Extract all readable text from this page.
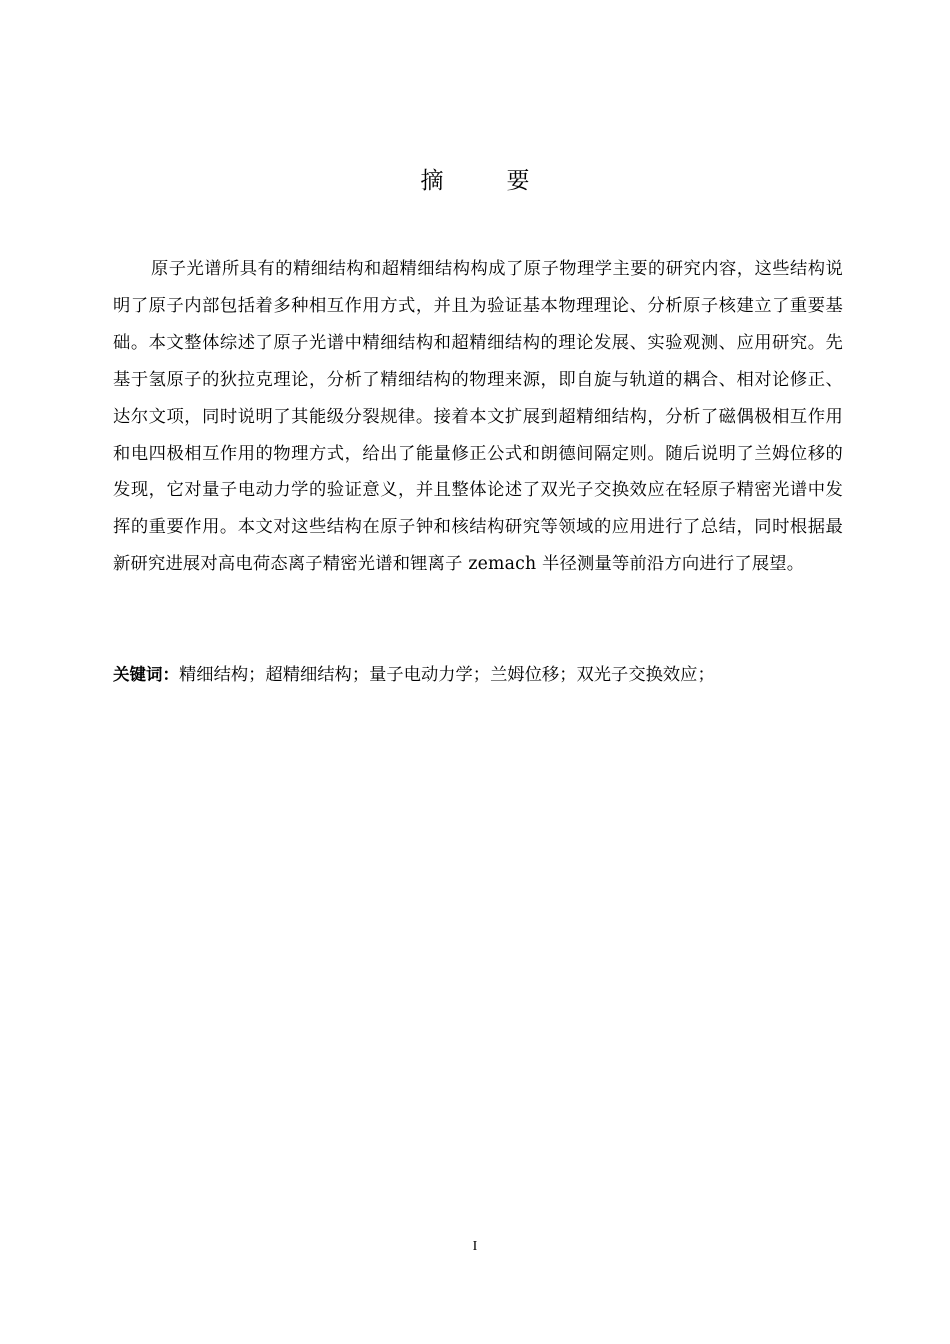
摘　要

原子光谱所具有的精细结构和超精细结构构成了原子物理学主要的研究内容，这些结构说明了原子内部包括着多种相互作用方式，并且为验证基本物理理论、分析原子核建立了重要基础。本文整体综述了原子光谱中精细结构和超精细结构的理论发展、实验观测、应用研究。先基于氢原子的狄拉克理论，分析了精细结构的物理来源，即自旋与轨道的耦合、相对论修正、达尔文项，同时说明了其能级分裂规律。接着本文扩展到超精细结构，分析了磁偶极相互作用和电四极相互作用的物理方式，给出了能量修正公式和朗德间隔定则。随后说明了兰姆位移的发现，它对量子电动力学的验证意义，并且整体论述了双光子交换效应在轻原子精密光谱中发挥的重要作用。本文对这些结构在原子钟和核结构研究等领域的应用进行了总结，同时根据最新研究进展对高电荷态离子精密光谱和锂离子 zemach 半径测量等前沿方向进行了展望。

关键词：精细结构；超精细结构；量子电动力学；兰姆位移；双光子交换效应；

I
